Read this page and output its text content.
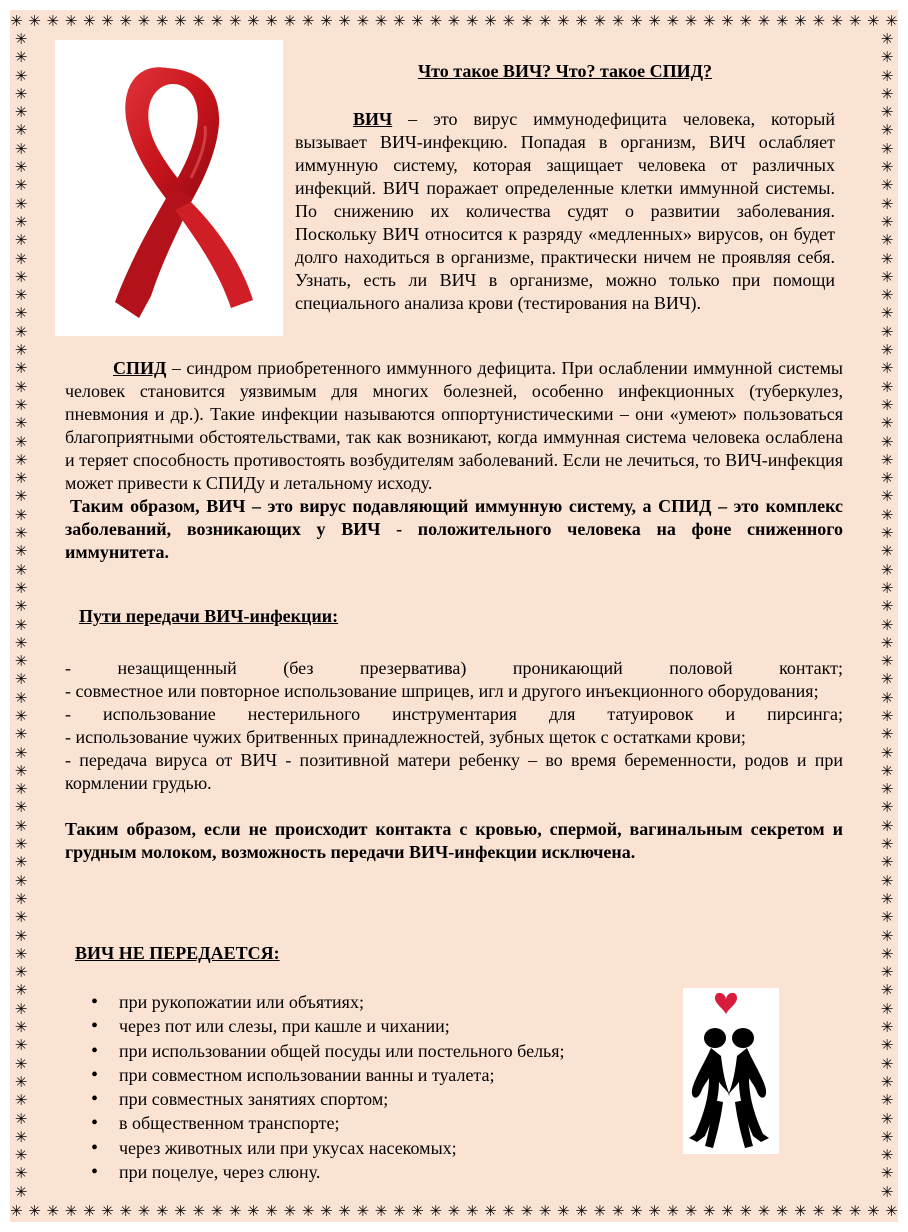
✳ ✳ ✳ ✳ ✳ ✳ ✳ ✳ ✳ ✳ ✳ ✳ ✳ ✳ ✳ ✳ ✳ ✳ ✳ ✳ ✳ ✳ ✳ ✳ ✳ ✳ ✳ ✳ ✳ ✳ ✳ ✳ ✳ ✳ ✳ ✳ ✳ ✳ ✳ ✳ ✳ ✳ ✳ ✳ ✳ ✳ ✳ ✳ ✳
✳ ✳ ✳ ✳ ✳ ✳ ✳ ✳ ✳ ✳ ✳ ✳ ✳ ✳ ✳ ✳ ✳ ✳ ✳ ✳ ✳ ✳ ✳ ✳ ✳ ✳ ✳ ✳ ✳ ✳ ✳ ✳ ✳ ✳ ✳ ✳ ✳ ✳ ✳ ✳ ✳ ✳ ✳ ✳ ✳ ✳ ✳ ✳ ✳
✳
✳
✳
✳
✳
✳
✳
✳
✳
✳
✳
✳
✳
✳
✳
✳
✳
✳
✳
✳
✳
✳
✳
✳
✳
✳
✳
✳
✳
✳
✳
✳
✳
✳
✳
✳
✳
✳
✳
✳
✳
✳
✳
✳
✳
✳
✳
✳
✳
✳
✳
✳
✳
✳
✳
✳
✳
✳
✳
✳
✳
✳
✳
✳
✳
✳
✳
✳
✳
✳
✳
✳
✳
✳
✳
✳
✳
✳
✳
✳
✳
✳
✳
✳
✳
✳
✳
✳
✳
✳
✳
✳
✳
✳
✳
✳
✳
✳
✳
✳
✳
✳
✳
✳
✳
✳
✳
✳
✳
✳
✳
✳
✳
✳
✳
✳
✳
✳
✳
✳
✳
✳
✳
✳
✳
✳
✳
✳

Что такое ВИЧ? Что? такое СПИД?

ВИЧ – это вирус иммунодефицита человека, который вызывает ВИЧ-инфекцию. Попадая в организм, ВИЧ ослабляет иммунную систему, которая защищает человека от различных инфекций. ВИЧ поражает определенные клетки иммунной системы. По снижению их количества судят о развитии заболевания. Поскольку ВИЧ относится к разряду «медленных» вирусов, он будет долго находиться в организме, практически ничем не проявляя себя. Узнать, есть ли ВИЧ в организме, можно только при помощи специального анализа крови (тестирования на ВИЧ).

СПИД – синдром приобретенного иммунного дефицита. При ослаблении иммунной системы человек становится уязвимым для многих болезней, особенно инфекционных (туберкулез, пневмония и др.). Такие инфекции называются оппортунистическими – они «умеют» пользоваться благоприятными обстоятельствами, так как возникают, когда иммунная система человека ослаблена и теряет способность противостоять возбудителям заболеваний. Если не лечиться, то ВИЧ-инфекция может привести к СПИДу и летальному исходу.

Таким образом, ВИЧ – это вирус подавляющий иммунную систему, а СПИД – это комплекс заболеваний, возникающих у ВИЧ - положительного человека на фоне сниженного иммунитета.

Пути передачи ВИЧ-инфекции:

- незащищенный (без презерватива) проникающий половой контакт;

- совместное или повторное использование шприцев, игл и другого инъекционного оборудования;

- использование нестерильного инструментария для татуировок и пирсинга;

- использование чужих бритвенных принадлежностей, зубных щеток с остатками крови;

- передача вируса от ВИЧ - позитивной матери ребенку – во время беременности, родов и при кормлении грудью.

Таким образом, если не происходит контакта с кровью, спермой, вагинальным секретом и грудным молоком, возможность передачи ВИЧ-инфекции исключена.

ВИЧ НЕ ПЕРЕДАЕТСЯ:

• при рукопожатии или объятиях;
• через пот или слезы, при кашле и чихании;
• при использовании общей посуды или постельного белья;
• при совместном использовании ванны и туалета;
• при совместных занятиях спортом;
• в общественном транспорте;
• через животных или при укусах насекомых;
• при поцелуе, через слюну.
